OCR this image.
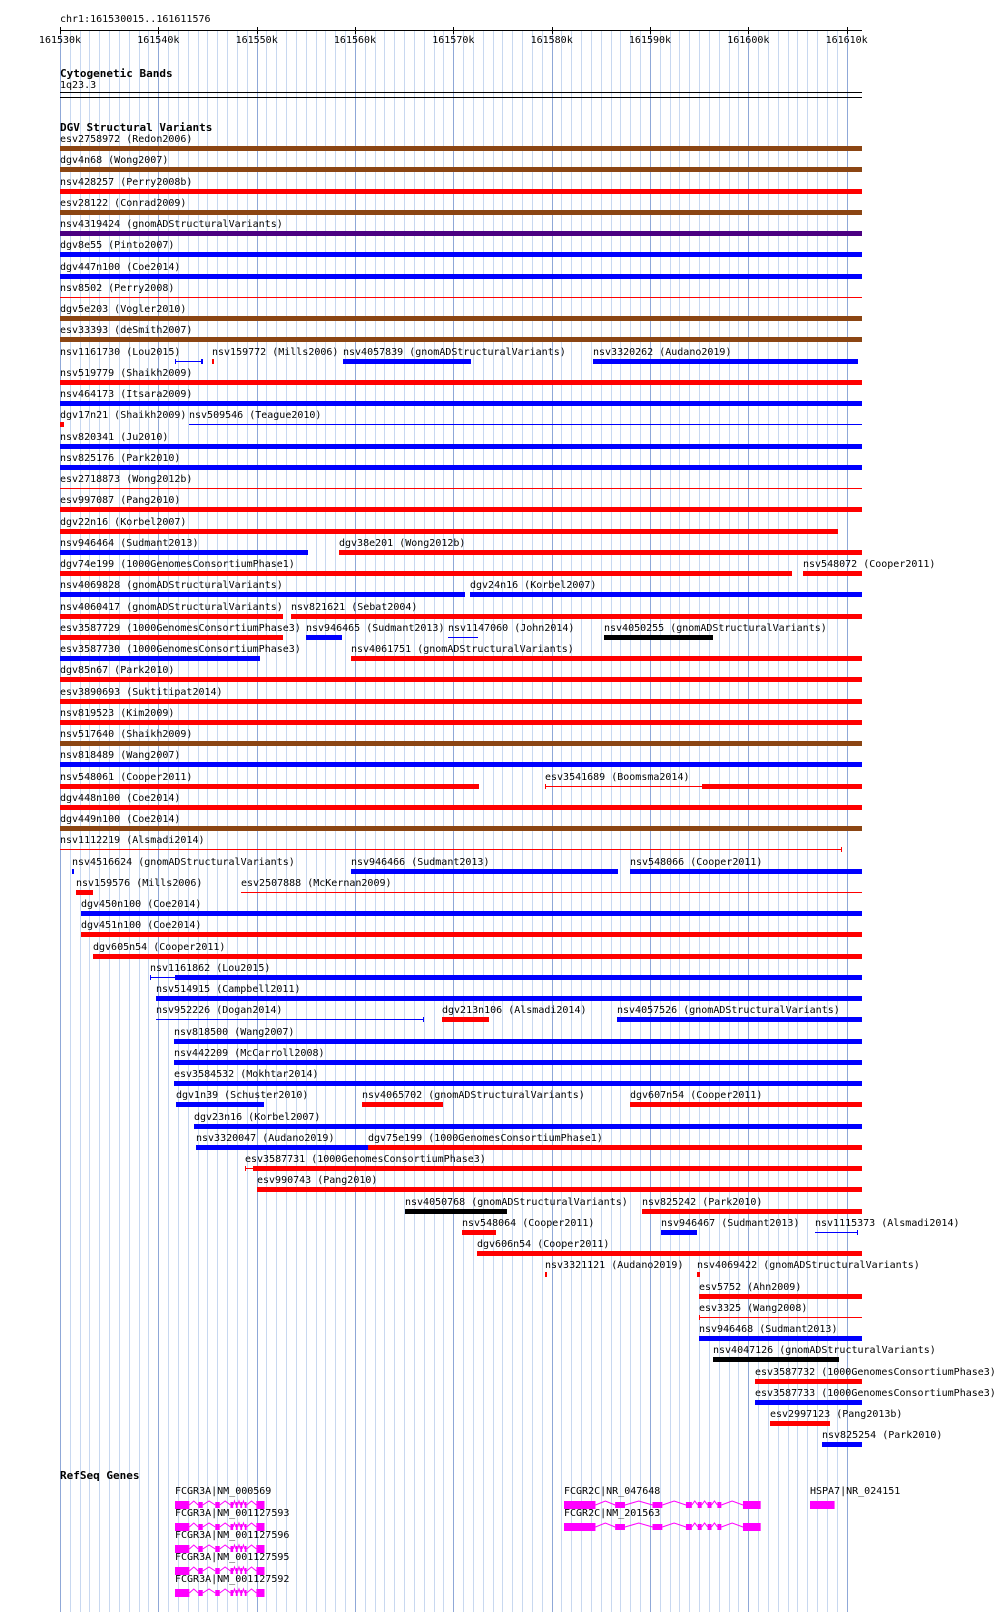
chr1:161530015..161611576
161530k	161540k	161550k	161560k	161570k	161580k	161590k	161600k	161610k
Cytogenetic Bands
1q23.3
DGV Structural Variants
esv2758972 (Redon2006)
dgv4n68 (Wong2007)
nsv428257 (Perry2008b)
esv28122 (Conrad2009)
nsv4319424 (gnomADStructuralVariants)
dgv8e55 (Pinto2007)
dgv447n100 (Coe2014)
nsv8502 (Perry2008)
dgv5e203 (Vogler2010)
esv33393 (deSmith2007)
nsv1161730 (Lou2015)	nsv159772 (Mills2006) nsv4057839 (gnomADStructuralVariants)	nsv3320262 (Audano2019)
nsv519779 (Shaikh2009)
nsv464173 (Itsara2009)
dgv17n21 (Shaikh2009) nsv509546 (Teague2010)
nsv820341 (Ju2010)
nsv825176 (Park2010)
esv2718873 (Wong2012b)
esv997087 (Pang2010)
dgv22n16 (Korbel2007)
nsv946464 (Sudmant2013)	dgv38e201 (Wong2012b)
dgv74e199 (1000GenomesConsortiumPhase1)	nsv548072 (Cooper2011)
nsv4069828 (gnomADStructuralVariants)	dgv24n16 (Korbel2007)
nsv4060417 (gnomADStructuralVariants) nsv821621 (Sebat2004)
esv3587729 (1000GenomesConsortiumPhase3) nsv946465 (Sudmant2013) nsv1147060 (John2014)	nsv4050255 (gnomADStructuralVariants)
esv3587730 (1000GenomesConsortiumPhase3)	nsv4061751 (gnomADStructuralVariants)
dgv85n67 (Park2010)
esv3890693 (Suktitipat2014)
nsv819523 (Kim2009)
nsv517640 (Shaikh2009)
nsv818489 (Wang2007)
nsv548061 (Cooper2011)	esv3541689 (Boomsma2014)
dgv448n100 (Coe2014)
dgv449n100 (Coe2014)
nsv1112219 (Alsmadi2014)
nsv4516624 (gnomADStructuralVariants)	nsv946466 (Sudmant2013)	nsv548066 (Cooper2011)
nsv159576 (Mills2006)	esv2507888 (McKernan2009)
dgv450n100 (Coe2014)
dgv451n100 (Coe2014)
dgv605n54 (Cooper2011)
nsv1161862 (Lou2015)
nsv514915 (Campbell2011)
nsv952226 (Dogan2014)	dgv213n106 (Alsmadi2014)	nsv4057526 (gnomADStructuralVariants)
nsv818500 (Wang2007)
nsv442209 (McCarroll2008)
esv3584532 (Mokhtar2014)
dgv1n39 (Schuster2010)	nsv4065702 (gnomADStructuralVariants)	dgv607n54 (Cooper2011)
dgv23n16 (Korbel2007)
nsv3320047 (Audano2019)	dgv75e199 (1000GenomesConsortiumPhase1)
esv3587731 (1000GenomesConsortiumPhase3)
esv990743 (Pang2010)
nsv4050768 (gnomADStructuralVariants) nsv825242 (Park2010)
nsv548064 (Cooper2011)	nsv946467 (Sudmant2013) nsv1115373 (Alsmadi2014)
dgv606n54 (Cooper2011)
nsv3321121 (Audano2019) nsv4069422 (gnomADStructuralVariants)
esv5752 (Ahn2009)
esv3325 (Wang2008)
nsv946468 (Sudmant2013)
nsv4047126 (gnomADStructuralVariants)
esv3587732 (1000GenomesConsortiumPhase3)
esv3587733 (1000GenomesConsortiumPhase3)
esv2997123 (Pang2013b)
nsv825254 (Park2010)
RefSeq Genes
FCGR3A|NM_000569
FCGR3A|NM_001127593
FCGR3A|NM_001127596
FCGR3A|NM_001127595
FCGR3A|NM_001127592
FCGR2C|NR_047648
FCGR2C|NM_201563
HSPA7|NR_024151
